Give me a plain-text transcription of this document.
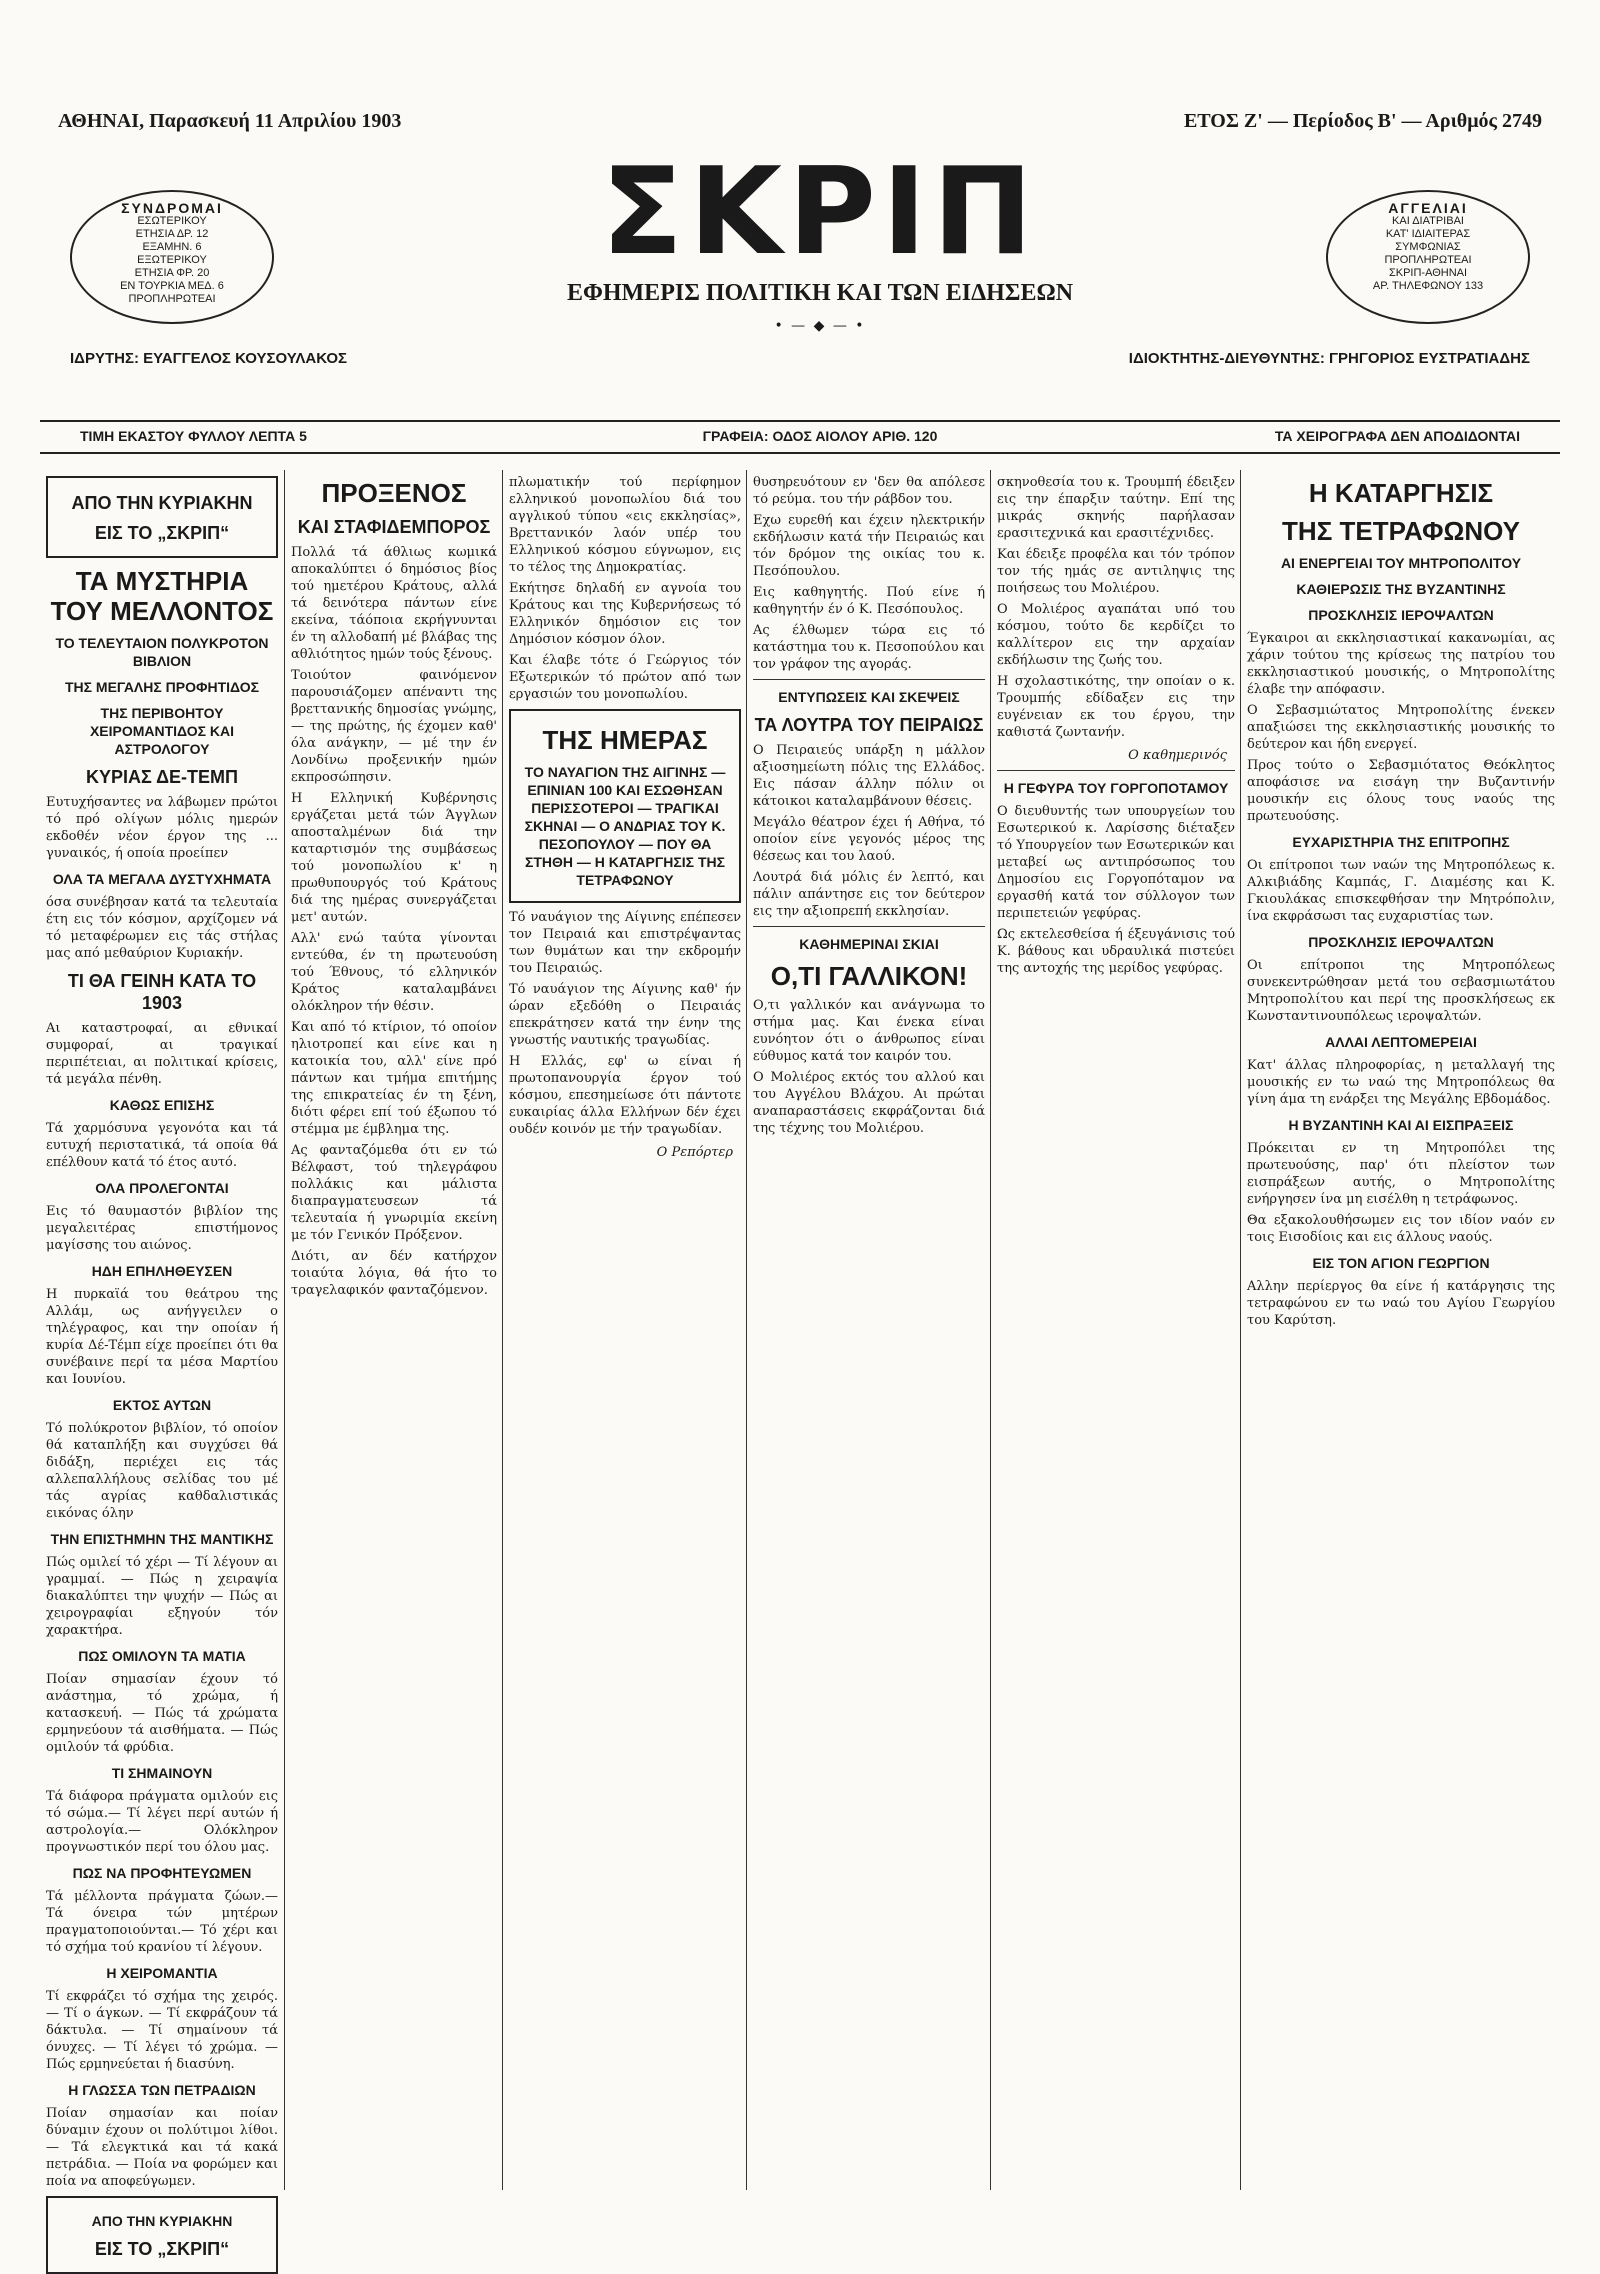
ΑΘΗΝΑΙ, Παρασκευή 11 Απριλίου 1903	ΕΤΟΣ Ζ' — Περίοδος Β' — Αριθμός 2749
ΣΥΝΔΡΟΜΑΙ
ΕΣΩΤΕΡΙΚΟΥ
ΕΤΗΣΙΑ ΔΡ. 12
ΕΞΑΜΗΝ. 6
ΕΞΩΤΕΡΙΚΟΥ
ΕΤΗΣΙΑ ΦΡ. 20
ΕΝ ΤΟΥΡΚΙΑ ΜΕΔ. 6
ΠΡΟΠΛΗΡΩΤΕΑΙ
ΣΚΡΙΠ
ΕΦΗΜΕΡΙΣ ΠΟΛΙΤΙΚΗ ΚΑΙ ΤΩΝ ΕΙΔΗΣΕΩΝ
• — ◆ — •
ΑΓΓΕΛΙΑΙ
ΚΑΙ ΔΙΑΤΡΙΒΑΙ
ΚΑΤ' ΙΔΙΑΙΤΕΡΑΣ
ΣΥΜΦΩΝΙΑΣ
ΠΡΟΠΛΗΡΩΤΕΑΙ
ΣΚΡΙΠ-ΑΘΗΝΑΙ
ΑΡ. ΤΗΛΕΦΩΝΟΥ 133
ΙΔΡΥΤΗΣ: ΕΥΑΓΓΕΛΟΣ ΚΟΥΣΟΥΛΑΚΟΣ	ΙΔΙΟΚΤΗΤΗΣ-ΔΙΕΥΘΥΝΤΗΣ: ΓΡΗΓΟΡΙΟΣ ΕΥΣΤΡΑΤΙΑΔΗΣ
ΤΙΜΗ ΕΚΑΣΤΟΥ ΦΥΛΛΟΥ ΛΕΠΤΑ 5	ΓΡΑΦΕΙΑ: ΟΔΟΣ ΑΙΟΛΟΥ ΑΡΙΘ. 120	ΤΑ ΧΕΙΡΟΓΡΑΦΑ ΔΕΝ ΑΠΟΔΙΔΟΝΤΑΙ
ΑΠΟ ΤΗΝ ΚΥΡΙΑΚΗΝ
ΕΙΣ ΤΟ „ΣΚΡΙΠ“
ΤΑ ΜΥΣΤΗΡΙΑ ΤΟΥ ΜΕΛΛΟΝΤΟΣ
ΤΟ ΤΕΛΕΥΤΑΙΟΝ ΠΟΛΥΚΡΟΤΟΝ ΒΙΒΛΙΟΝ
ΤΗΣ ΜΕΓΑΛΗΣ ΠΡΟΦΗΤΙΔΟΣ
ΤΗΣ ΠΕΡΙΒΟΗΤΟΥ ΧΕΙΡΟΜΑΝΤΙΔΟΣ ΚΑΙ ΑΣΤΡΟΛΟΓΟΥ
ΚΥΡΙΑΣ ΔΕ-ΤΕΜΠ

Ευτυχήσαντες να λάβωμεν πρώτοι τό πρό ολίγων μόλις ημερών εκδοθέν νέον έργον της ... γυναικός, ή οποία προείπεν

ΟΛΑ ΤΑ ΜΕΓΑΛΑ ΔΥΣΤΥΧΗΜΑΤΑ

όσα συνέβησαν κατά τα τελευταία έτη εις τόν κόσμον, αρχίζομεν νά τό μεταφέρωμεν εις τάς στήλας μας από μεθαύριον Κυριακήν.

ΤΙ ΘΑ ΓΕΙΝΗ ΚΑΤΑ ΤΟ 1903

Αι καταστροφαί, αι εθνικαί συμφοραί, αι τραγικαί περιπέτειαι, αι πολιτικαί κρίσεις, τά μεγάλα πένθη.

ΚΑΘΩΣ ΕΠΙΣΗΣ

Τά χαρμόσυνα γεγονότα και τά ευτυχή περιστατικά, τά οποία θά επέλθουν κατά τό έτος αυτό.

ΟΛΑ ΠΡΟΛΕΓΟΝΤΑΙ

Εις τό θαυμαστόν βιβλίον της μεγαλειτέρας επιστήμονος μαγίσσης του αιώνος.

ΗΔΗ ΕΠΗΛΗΘΕΥΣΕΝ

Η πυρκαϊά του θεάτρου της Αλλάμ, ως ανήγγειλεν ο τηλέγραφος, και την οποίαν ή κυρία Δέ-Τέμπ είχε προείπει ότι θα συνέβαινε περί τα μέσα Μαρτίου και Ιουνίου.

ΕΚΤΟΣ ΑΥΤΩΝ

Τό πολύκροτον βιβλίον, τό οποίον θά καταπλήξη και συγχύσει θά διδάξη, περιέχει εις τάς αλλεπαλλήλους σελίδας του μέ τάς αγρίας καθδαλιστικάς εικόνας όλην

ΤΗΝ ΕΠΙΣΤΗΜΗΝ ΤΗΣ ΜΑΝΤΙΚΗΣ

Πώς ομιλεί τό χέρι — Τί λέγουν αι γραμμαί. — Πώς η χειραψία διακαλύπτει την ψυχήν — Πώς αι χειρογραφίαι εξηγούν τόν χαρακτήρα.

ΠΩΣ ΟΜΙΛΟΥΝ ΤΑ ΜΑΤΙΑ

Ποίαν σημασίαν έχουν τό ανάστημα, τό χρώμα, ή κατασκευή. — Πώς τά χρώματα ερμηνεύουν τά αισθήματα. — Πώς ομιλούν τά φρύδια.

ΤΙ ΣΗΜΑΙΝΟΥΝ

Τά διάφορα πράγματα ομιλούν εις τό σώμα.— Τί λέγει περί αυτών ή αστρολογία.— Ολόκληρον προγνωστικόν περί του όλου μας.

ΠΩΣ ΝΑ ΠΡΟΦΗΤΕΥΩΜΕΝ

Τά μέλλοντα πράγματα ζώων.— Τά όνειρα τών μητέρων πραγματοποιούνται.— Τό χέρι και τό σχήμα τού κρανίου τί λέγουν.

Η ΧΕΙΡΟΜΑΝΤΙΑ

Τί εκφράζει τό σχήμα της χειρός. — Τί ο άγκων. — Τί εκφράζουν τά δάκτυλα. — Τί σημαίνουν τά όνυχες. — Τί λέγει τό χρώμα. — Πώς ερμηνεύεται ή διασύνη.

Η ΓΛΩΣΣΑ ΤΩΝ ΠΕΤΡΑΔΙΩΝ

Ποίαν σημασίαν και ποίαν δύναμιν έχουν οι πολύτιμοι λίθοι. — Τά ελεγκτικά και τά κακά πετράδια. — Ποία να φορώμεν και ποία να αποφεύγωμεν.

ΑΠΟ ΤΗΝ ΚΥΡΙΑΚΗΝ
ΕΙΣ ΤΟ „ΣΚΡΙΠ“
ΠΡΟΞΕΝΟΣ
ΚΑΙ ΣΤΑΦΙΔΕΜΠΟΡΟΣ

Πολλά τά άθλιως κωμικά αποκαλύπτει ό δημόσιος βίος τού ημετέρου Κράτους, αλλά τά δεινότερα πάντων είνε εκείνα, τάόποια εκρήγνυνται έν τη αλλοδαπή μέ βλάβας της αθλιότητος ημών τούς ξένους.

Τοιούτον φαινόμενον παρουσιάζομεν απέναντι της βρεττανικής δημοσίας γνώμης, — της πρώτης, ής έχομεν καθ' όλα ανάγκην, — μέ την έν Λονδίνω προξενικήν ημών εκπροσώπησιν.

Η Ελληνική Κυβέρνησις εργάζεται μετά τών Άγγλων αποσταλμένων διά την καταρτισμόν της συμβάσεως τού μονοπωλίου κ' η πρωθυπουργός τού Κράτους διά της ημέρας συνεργάζεται μετ' αυτών.

Αλλ' ενώ ταύτα γίνονται εντεύθα, έν τη πρωτευούση τού Έθνους, τό ελληνικόν Κράτος καταλαμβάνει ολόκληρον τήν θέσιν.

Και από τό κτίριον, τό οποίον ηλιοτροπεί και είνε και η κατοικία του, αλλ' είνε πρό πάντων και τμήμα επιτήμης της επικρατείας έν τη ξένη, διότι φέρει επί τού έξωπου τό στέμμα με έμβλημα της.

Ας φανταζόμεθα ότι εν τώ Βέλφαστ, τού τηλεγράφου πολλάκις και μάλιστα διαπραγματευσεων τά τελευταία ή γνωριμία εκείνη με τόν Γενικόν Πρόξενον.

Διότι, αν δέν κατήρχον τοιαύτα λόγια, θά ήτο το τραγελαφικόν φανταζόμενον.

πλωματικήν τού περίφημον ελληνικού μονοπωλίου διά του αγγλικού τύπου «εις εκκλησίας», Βρεττανικόν λαόν υπέρ του Ελληνικού κόσμου εύγνωμον, εις το τέλος της Δημοκρατίας.

Εκήτησε δηλαδή εν αγνοία του Κράτους και της Κυβερνήσεως τό Ελληνικόν δημόσιον εις τον Δημόσιον κόσμον όλον.

Και έλαβε τότε ό Γεώργιος τόν Εξωτερικών τό πρώτον από των εργασιών του μονοπωλίου.

ΤΗΣ ΗΜΕΡΑΣ
ΤΟ ΝΑΥΑΓΙΟΝ ΤΗΣ ΑΙΓΙΝΗΣ — ΕΠΙΝΙΑΝ 100 ΚΑΙ ΕΣΩΘΗΣΑΝ ΠΕΡΙΣΣΟΤΕΡΟΙ — ΤΡΑΓΙΚΑΙ ΣΚΗΝΑΙ — Ο ΑΝΔΡΙΑΣ ΤΟΥ Κ. ΠΕΣΟΠΟΥΛΟΥ — ΠΟΥ ΘΑ ΣΤΗΘΗ — Η ΚΑΤΑΡΓΗΣΙΣ ΤΗΣ ΤΕΤΡΑΦΩΝΟΥ

Τό ναυάγιον της Αίγινης επέπεσεν τον Πειραιά και επιστρέψαντας των θυμάτων και την εκδρομήν του Πειραιώς.

Τό ναυάγιον της Αίγινης καθ' ήν ώραν εξεδόθη ο Πειραιάς επεκράτησεν κατά την ένην της γνωστής ναυτικής τραγωδίας.

Η Ελλάς, εφ' ω είναι ή πρωτοπανουργία έργον τού κόσμου, επεσημείωσε ότι πάντοτε ευκαιρίας άλλα Ελλήνων δέν έχει ουδέν κοινόν με τήν τραγωδίαν.

Ο Ρεπόρτερ

θυσηρευότουν εν 'δεν θα απόλεσε τό ρεύμα. του τήν ράβδον του.

Εχω ευρεθή και έχειν ηλεκτρικήν εκδήλωσιν κατά τήν Πειραιώς και τόν δρόμον της οικίας του κ. Πεσόπουλου.

Εις καθηγητής. Πού είνε ή καθηγητήν έν ό Κ. Πεσόπουλος.

Ας έλθωμεν τώρα εις τό κατάστημα του κ. Πεσοπούλου και τον γράφον της αγοράς.

ΕΝΤΥΠΩΣΕΙΣ ΚΑΙ ΣΚΕΨΕΙΣ
ΤΑ ΛΟΥΤΡΑ ΤΟΥ ΠΕΙΡΑΙΩΣ

Ο Πειραιεύς υπάρξη η μάλλον αξιοσημείωτη πόλις της Ελλάδος. Εις πάσαν άλλην πόλιν οι κάτοικοι καταλαμβάνουν θέσεις.

Μεγάλο θέατρον έχει ή Αθήνα, τό οποίον είνε γεγονός μέρος της θέσεως και του λαού.

Λουτρά διά μόλις έν λεπτό, και πάλιν απάντησε εις τον δεύτερον εις την αξιοπρεπή εκκλησίαν.

ΚΑΘΗΜΕΡΙΝΑΙ ΣΚΙΑΙ
Ο,ΤΙ ΓΑΛΛΙΚΟΝ!

Ο,τι γαλλικόν και ανάγνωμα το στήμα μας. Και ένεκα είναι ευνόητον ότι ο άνθρωπος είναι εύθυμος κατά τον καιρόν του.

Ο Μολιέρος εκτός του αλλού και του Αγγέλου Βλάχου. Αι πρώται αναπαραστάσεις εκφράζονται διά της τέχνης του Μολιέρου.

σκηνοθεσία του κ. Τρουμπή έδειξεν εις την έπαρξιν ταύτην. Επί της μικράς σκηνής παρήλασαν ερασιτεχνικά και ερασιτέχνιδες.

Και έδειξε προφέλα και τόν τρόπον τον τής ημάς σε αντιληψις της ποιήσεως του Μολιέρου.

Ο Μολιέρος αγαπάται υπό του κόσμου, τούτο δε κερδίζει το καλλίτερον εις την αρχαίαν εκδήλωσιν της ζωής του.

Η σχολαστικότης, την οποίαν ο κ. Τρουμπής εδίδαξεν εις την ευγένειαν εκ του έργου, την καθιστά ζωντανήν.

Ο καθημερινός
Η ΓΕΦΥΡΑ ΤΟΥ ΓΟΡΓΟΠΟΤΑΜΟΥ

Ο διευθυντής των υπουργείων του Εσωτερικού κ. Λαρίσσης διέταξεν τό Υπουργείον των Εσωτερικών και μεταβεί ως αντιπρόσωπος του Δημοσίου εις Γοργοπόταμον να εργασθή κατά τον σύλλογον των περιπετειών γεφύρας.

Ως εκτελεσθείσα ή έξευγάνισις τού Κ. βάθους και υδραυλικά πιστεύει της αντοχής της μερίδος γεφύρας.

Η ΚΑΤΑΡΓΗΣΙΣ
ΤΗΣ ΤΕΤΡΑΦΩΝΟΥ
ΑΙ ΕΝΕΡΓΕΙΑΙ ΤΟΥ ΜΗΤΡΟΠΟΛΙΤΟΥ
ΚΑΘΙΕΡΩΣΙΣ ΤΗΣ ΒΥΖΑΝΤΙΝΗΣ
ΠΡΟΣΚΛΗΣΙΣ ΙΕΡΟΨΑΛΤΩΝ

Έγκαιροι αι εκκλησιαστικαί κακανωμίαι, ας χάριν τούτου της κρίσεως της πατρίου του εκκλησιαστικού μουσικής, ο Μητροπολίτης έλαβε την απόφασιν.

Ο Σεβασμιώτατος Μητροπολίτης ένεκεν απαξιώσει της εκκλησιαστικής μουσικής το δεύτερον και ήδη ενεργεί.

Προς τούτο ο Σεβασμιότατος Θεόκλητος αποφάσισε να εισάγη την Βυζαντινήν μουσικήν εις όλους τους ναούς της πρωτευούσης.

ΕΥΧΑΡΙΣΤΗΡΙΑ ΤΗΣ ΕΠΙΤΡΟΠΗΣ

Οι επίτροποι των ναών της Μητροπόλεως κ. Αλκιβιάδης Καμπάς, Γ. Διαμέσης και Κ. Γκιουλάκας επισκεφθήσαν την Μητρόπολιν, ίνα εκφράσωσι τας ευχαριστίας των.

ΠΡΟΣΚΛΗΣΙΣ ΙΕΡΟΨΑΛΤΩΝ

Οι επίτροποι της Μητροπόλεως συνεκεντρώθησαν μετά του σεβασμιωτάτου Μητροπολίτου και περί της προσκλήσεως εκ Κωνσταντινουπόλεως ιεροψαλτών.

ΑΛΛΑΙ ΛΕΠΤΟΜΕΡΕΙΑΙ

Κατ' άλλας πληροφορίας, η μεταλλαγή της μουσικής εν τω ναώ της Μητροπόλεως θα γίνη άμα τη ενάρξει της Μεγάλης Εβδομάδος.

Η ΒΥΖΑΝΤΙΝΗ ΚΑΙ ΑΙ ΕΙΣΠΡΑΞΕΙΣ

Πρόκειται εν τη Μητροπόλει της πρωτευούσης, παρ' ότι πλείστον των εισπράξεων αυτής, ο Μητροπολίτης ενήργησεν ίνα μη εισέλθη η τετράφωνος.

Θα εξακολουθήσωμεν εις τον ιδίον ναόν εν τοις Εισοδίοις και εις άλλους ναούς.

ΕΙΣ ΤΟΝ ΑΓΙΟΝ ΓΕΩΡΓΙΟΝ

Αλλην περίεργος θα είνε ή κατάργησις της τετραφώνου εν τω ναώ του Αγίου Γεωργίου του Καρύτση.
